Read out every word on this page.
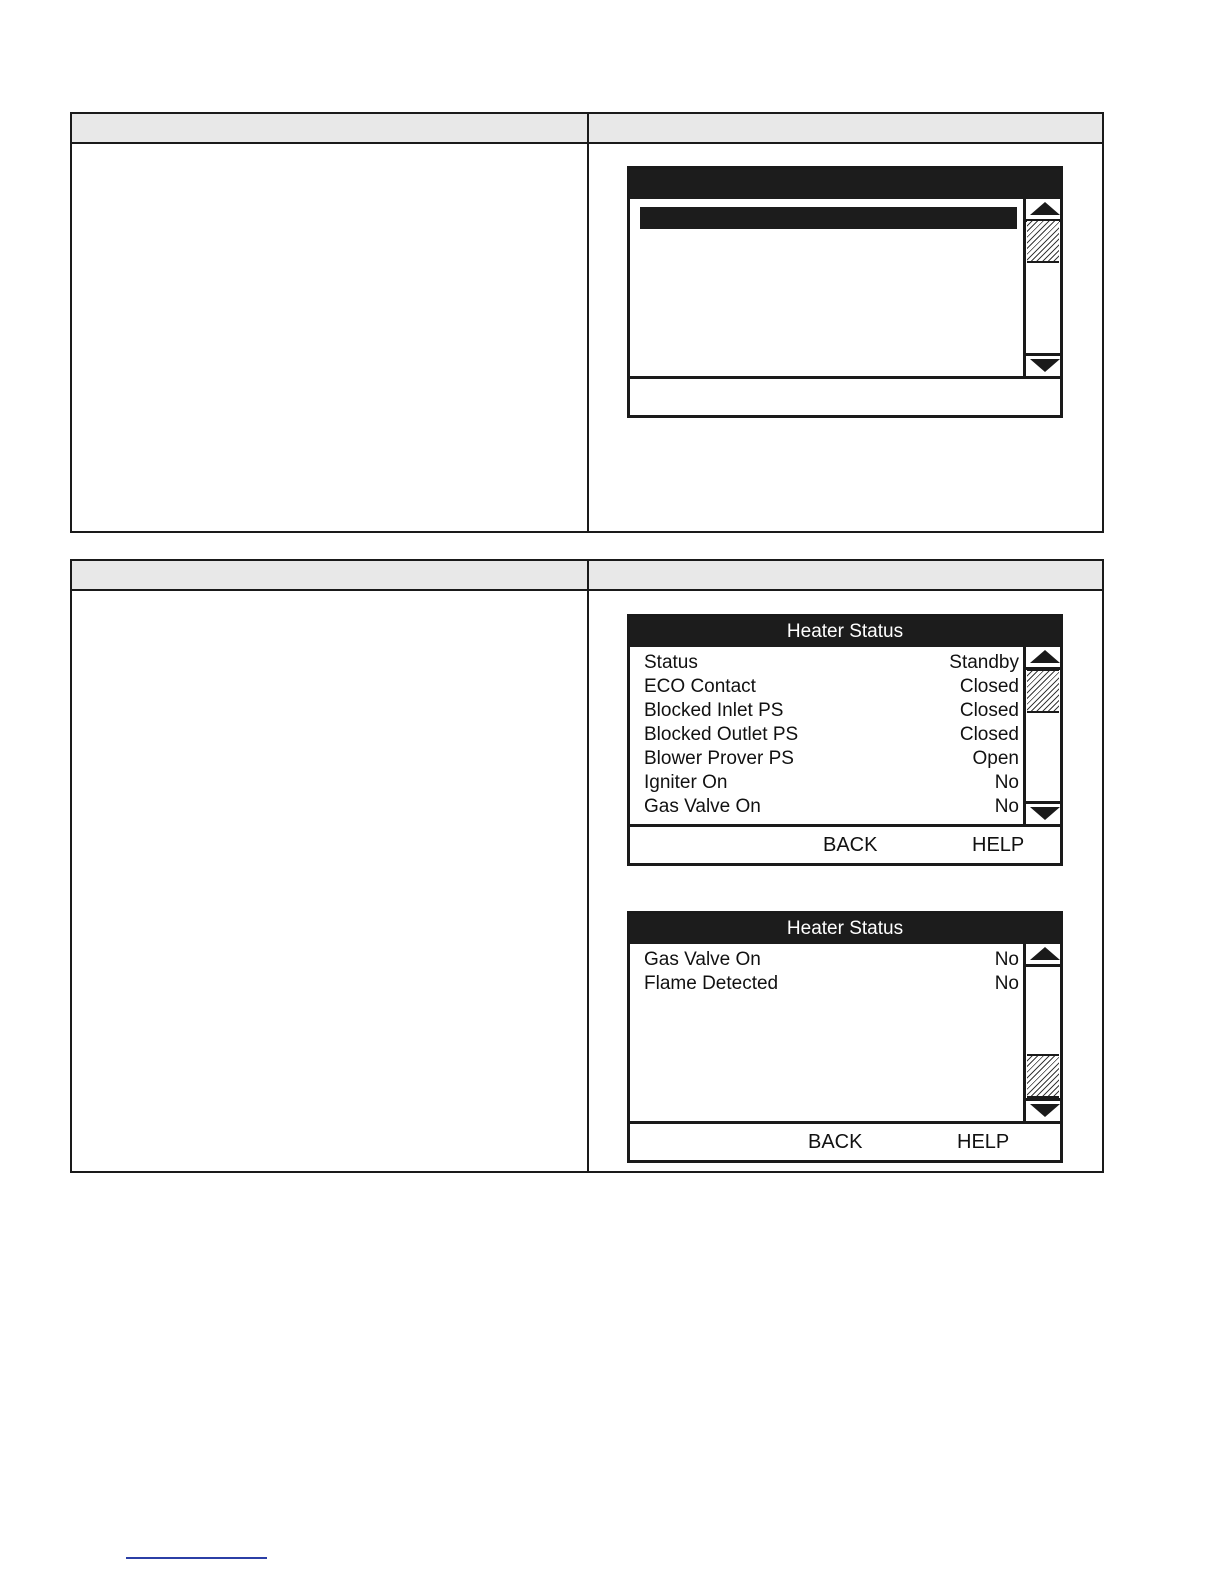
Heater Status
Status	Standby
ECO Contact	Closed
Blocked Inlet PS	Closed
Blocked Outlet PS	Closed
Blower Prover PS	Open
Igniter On	No
Gas Valve On	No
BACK	HELP
Heater Status
Gas Valve On	No
Flame Detected	No
BACK	HELP
